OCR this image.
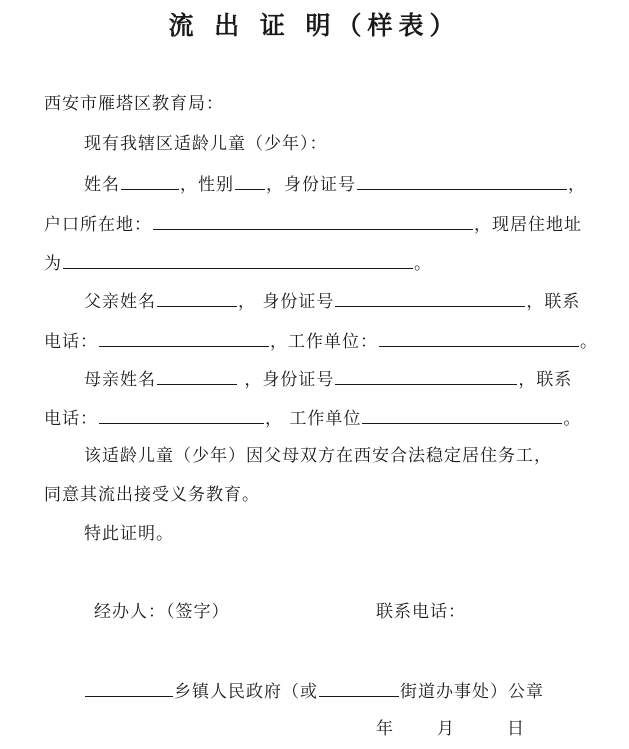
流 出 证 明（样表）
西安市雁塔区教育局：
现有我辖区适龄儿童（少年）：
姓名	，性别 ，身份证号	，
户口所在地：	，现居住地址
为	。
父亲姓名	， 身份证号	，联系
电话：	，工作单位：	。
母亲姓名	，身份证号	，联系
电话：	， 工作单位	。
该适龄儿童（少年）因父母双方在西安合法稳定居住务工，
同意其流出接受义务教育。
特此证明。
经办人：（签字）	联系电话：
乡镇人民政府（或	街道办事处）公章
年	月	日
